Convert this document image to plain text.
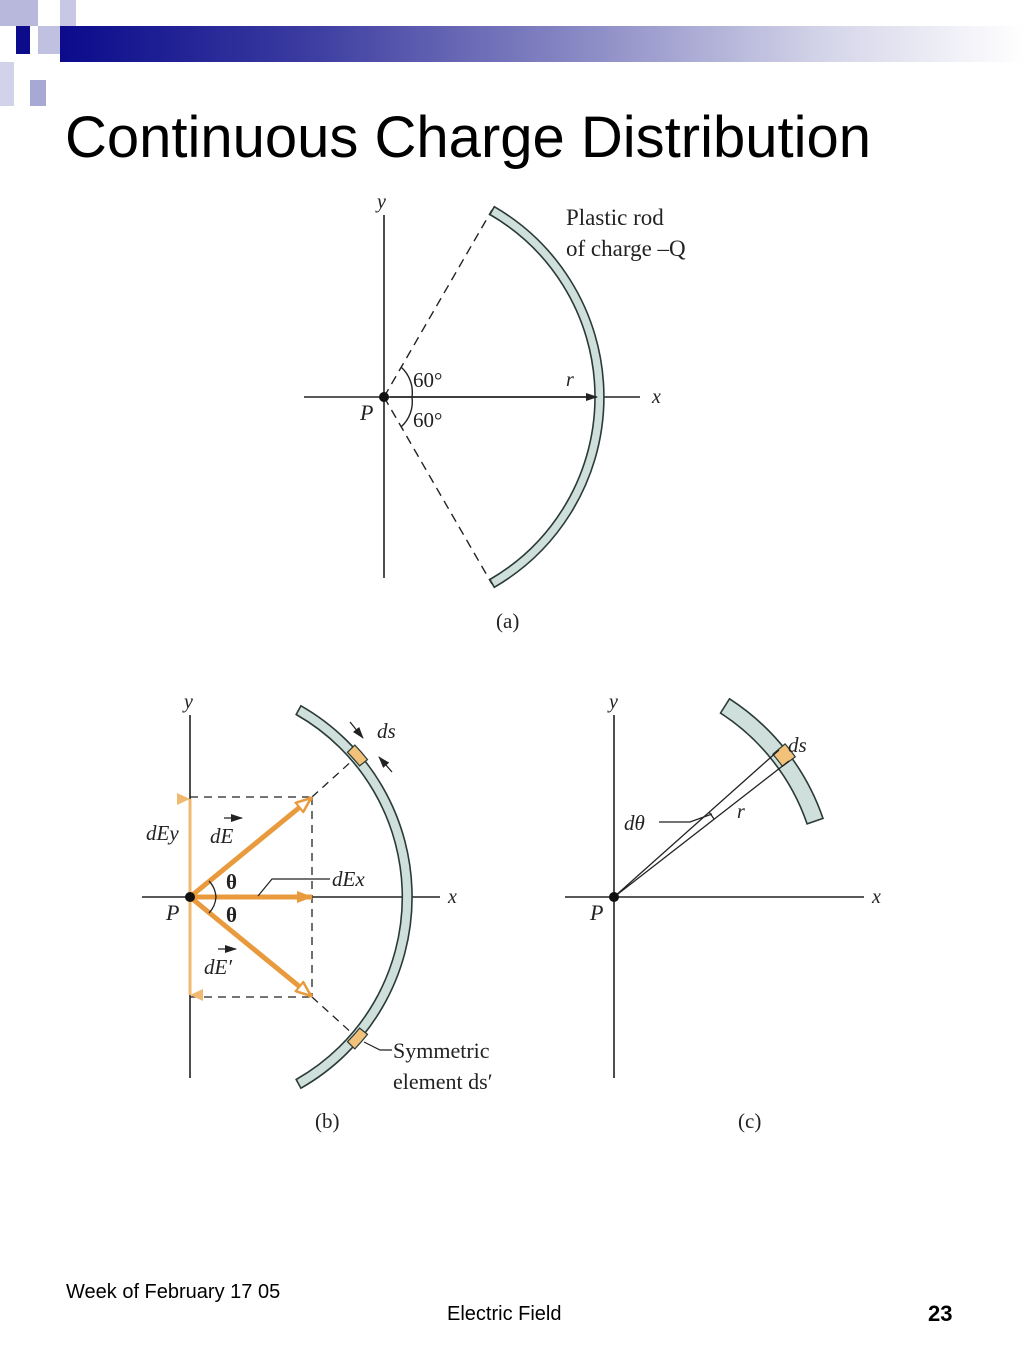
Continuous Charge Distribution
y
x
r
60°
60°
P
Plastic rod
of charge –Q
(a)
y
x
θ
θ
dEx
dEy dE
dE′
ds
Symmetric
element ds′
P
(b)
y
x
dθ	r
ds
P
(c)
Week of February 17 05
Electric Field	23
